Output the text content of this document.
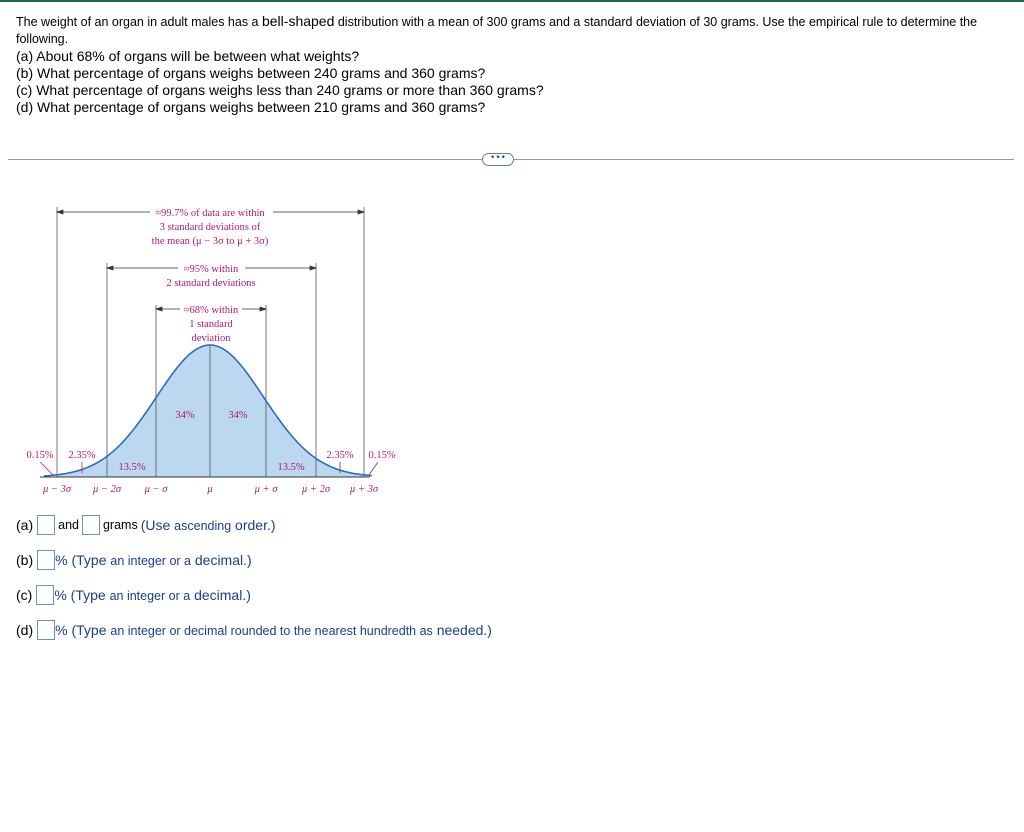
The weight of an organ in adult males has a bell-shaped distribution with a mean of 300 grams and a standard deviation of 30 grams. Use the empirical rule to determine the following.

(a) About 68% of organs will be between what weights?

(b) What percentage of organs weighs between 240 grams and 360 grams?

(c) What percentage of organs weighs less than 240 grams or more than 360 grams?

(d) What percentage of organs weighs between 210 grams and 360 grams?

•••
≈99.7% of data are within
3 standard deviations of
the mean (μ − 3σ to μ + 3σ)
≈95% within
2 standard deviations
≈68% within
1 standard
deviation
34%	34%
13.5%	13.5%
2.35%	2.35%
0.15%	0.15%
μ − 3σ μ − 2σ μ − σ	μ	μ + σ μ + 2σ μ + 3σ
(a) and grams (Use ascending order.)
(b) % (Type an integer or a decimal.)
(c) % (Type an integer or a decimal.)
(d) % (Type an integer or decimal rounded to the nearest hundredth as needed.)
